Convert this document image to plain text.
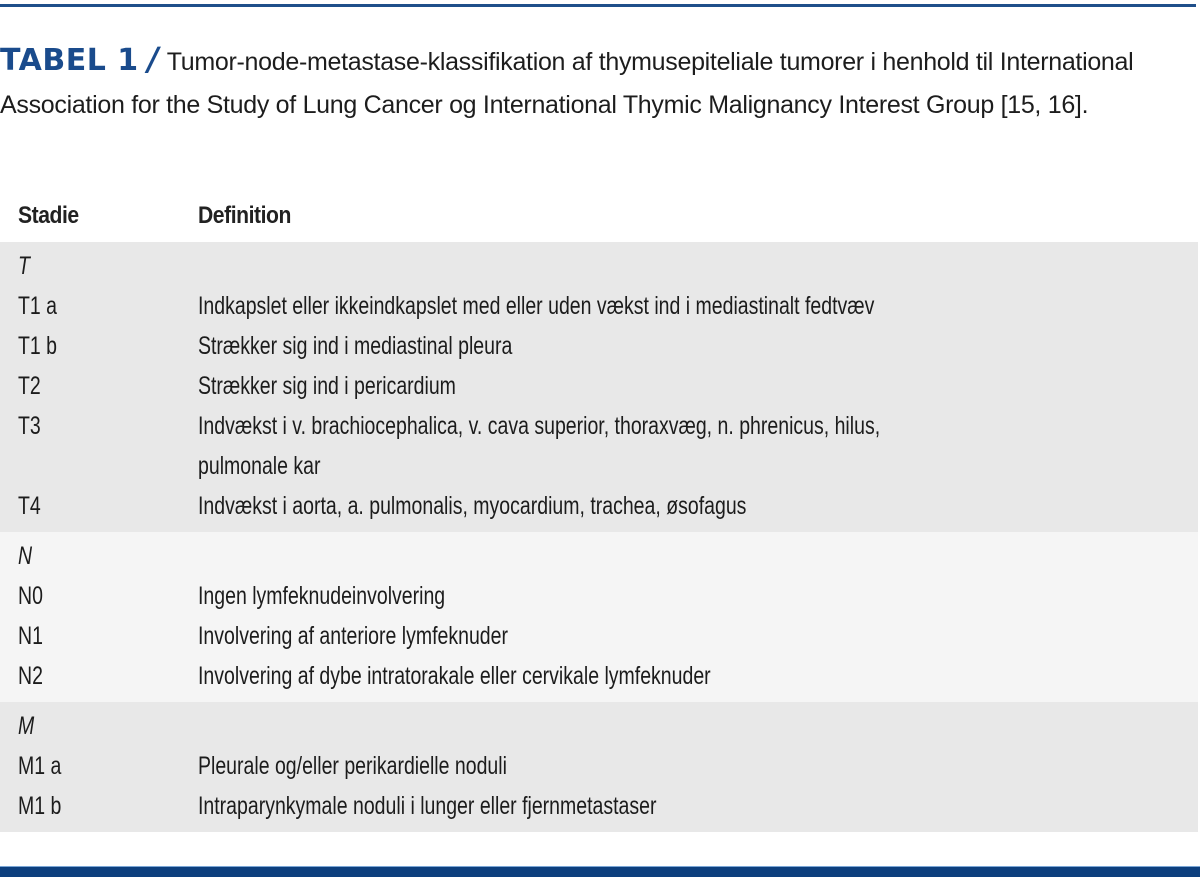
TABEL 1 / Tumor-node-metastase-klassifikation af thymusepiteliale tumorer i henhold til International Association for the Study of Lung Cancer og International Thymic Malignancy Interest Group [15, 16].
Stadie	Definition
T
T1 a	Indkapslet eller ikkeindkapslet med eller uden vækst ind i mediastinalt fedtvæv
T1 b	Strækker sig ind i mediastinal pleura
T2	Strækker sig ind i pericardium
T3	Indvækst i v. brachiocephalica, v. cava superior, thoraxvæg, n. phrenicus, hilus,
pulmonale kar
T4	Indvækst i aorta, a. pulmonalis, myocardium, trachea, øsofagus
N
N0	Ingen lymfeknudeinvolvering
N1	Involvering af anteriore lymfeknuder
N2	Involvering af dybe intratorakale eller cervikale lymfeknuder
M
M1 a	Pleurale og/eller perikardielle noduli
M1 b	Intraparynkymale noduli i lunger eller fjernmetastaser
